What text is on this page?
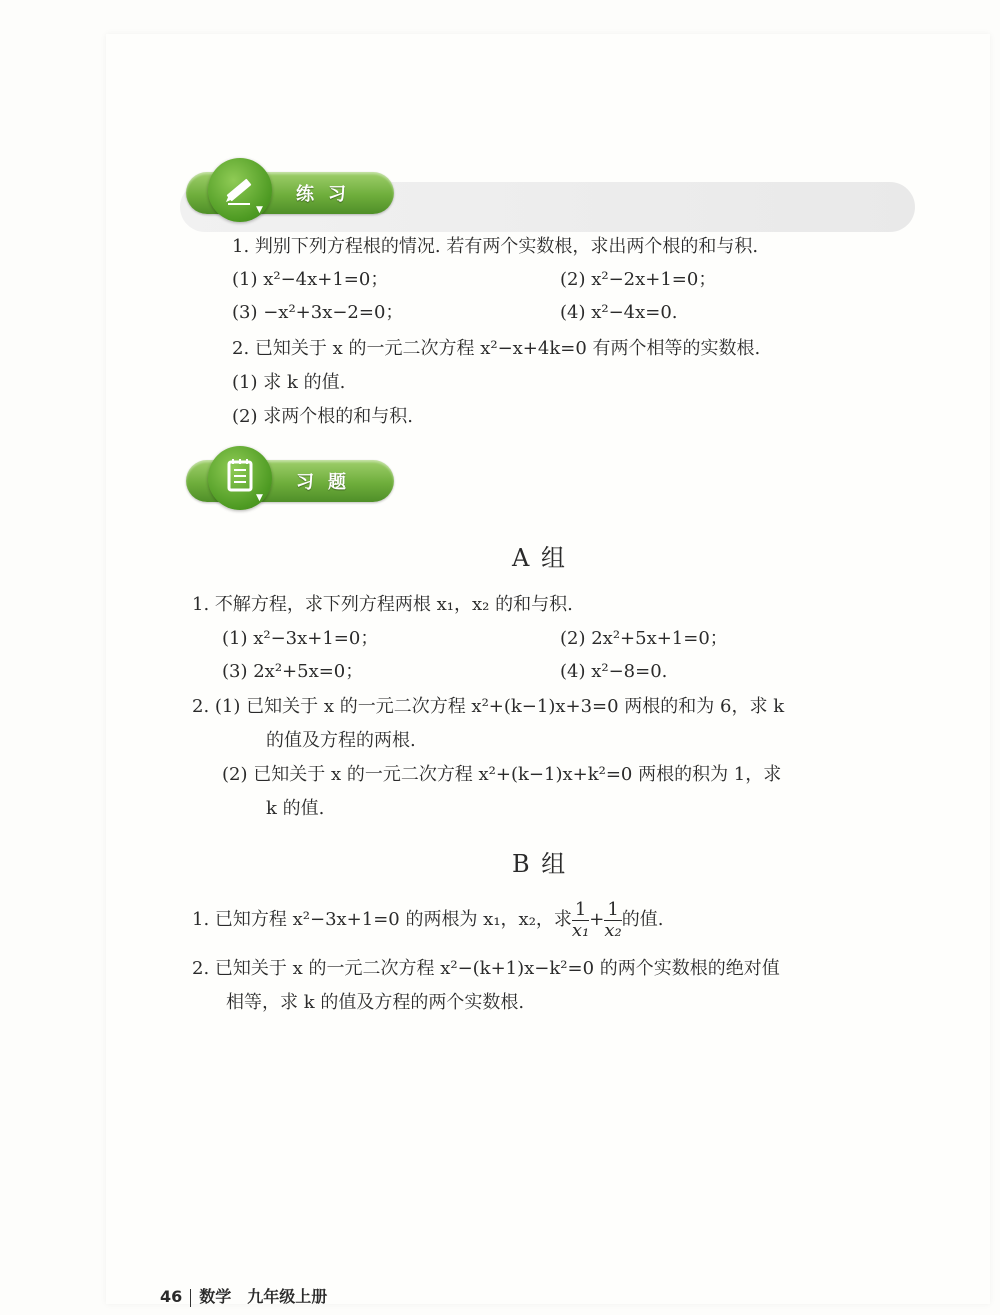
▼
练习
1. 判别下列方程根的情况. 若有两个实数根，求出两个根的和与积.
(1) x²−4x+1=0；	(2) x²−2x+1=0；
(3) −x²+3x−2=0；	(4) x²−4x=0.
2. 已知关于 x 的一元二次方程 x²−x+4k=0 有两个相等的实数根.
(1) 求 k 的值.
(2) 求两个根的和与积.
▼
习题
A 组
1. 不解方程，求下列方程两根 x₁，x₂ 的和与积.
(1) x²−3x+1=0；	(2) 2x²+5x+1=0；
(3) 2x²+5x=0；	(4) x²−8=0.
2. (1) 已知关于 x 的一元二次方程 x²+(k−1)x+3=0 两根的和为 6，求 k
的值及方程的两根.
(2) 已知关于 x 的一元二次方程 x²+(k−1)x+k²=0 两根的积为 1，求
k 的值.
B 组
1. 已知方程 x²−3x+1=0 的两根为 x₁，x₂，求 $\frac{1}{\text{x₁}} + \frac{1}{\text{x₂}}$ 的值.
2. 已知关于 x 的一元二次方程 x²−(k+1)x−k²=0 的两个实数根的绝对值
相等，求 k 的值及方程的两个实数根.
46 数学　九年级上册
